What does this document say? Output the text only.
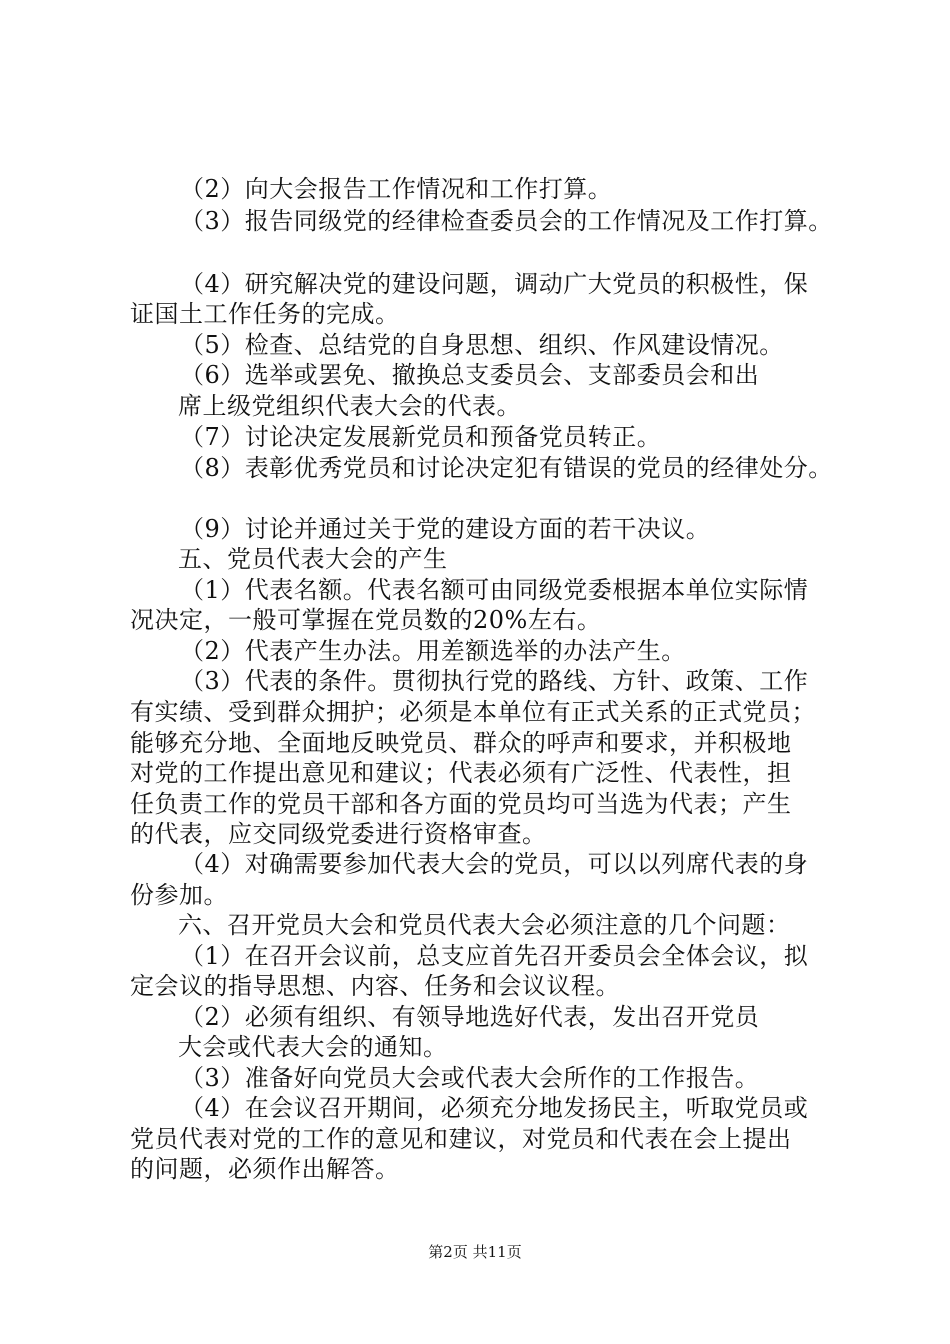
（2）向大会报告工作情况和工作打算。
（3）报告同级党的经律检查委员会的工作情况及工作打算。
（4）研究解决党的建设问题，调动广大党员的积极性，保
证国土工作任务的完成。
（5）检查、总结党的自身思想、组织、作风建设情况。
（6）选举或罢免、撤换总支委员会、支部委员会和出
席上级党组织代表大会的代表。
（7）讨论决定发展新党员和预备党员转正。
（8）表彰优秀党员和讨论决定犯有错误的党员的经律处分。
（9）讨论并通过关于党的建设方面的若干决议。
五、党员代表大会的产生
（1）代表名额。代表名额可由同级党委根据本单位实际情
况决定，一般可掌握在党员数的20%左右。
（2）代表产生办法。用差额选举的办法产生。
（3）代表的条件。贯彻执行党的路线、方针、政策、工作
有实绩、受到群众拥护；必须是本单位有正式关系的正式党员；
能够充分地、全面地反映党员、群众的呼声和要求，并积极地
对党的工作提出意见和建议；代表必须有广泛性、代表性，担
任负责工作的党员干部和各方面的党员均可当选为代表；产生
的代表，应交同级党委进行资格审查。
（4）对确需要参加代表大会的党员，可以以列席代表的身
份参加。
六、召开党员大会和党员代表大会必须注意的几个问题：
（1）在召开会议前，总支应首先召开委员会全体会议，拟
定会议的指导思想、内容、任务和会议议程。
（2）必须有组织、有领导地选好代表，发出召开党员
大会或代表大会的通知。
（3）准备好向党员大会或代表大会所作的工作报告。
（4）在会议召开期间，必须充分地发扬民主，听取党员或
党员代表对党的工作的意见和建议，对党员和代表在会上提出
的问题，必须作出解答。
第2页 共11页
